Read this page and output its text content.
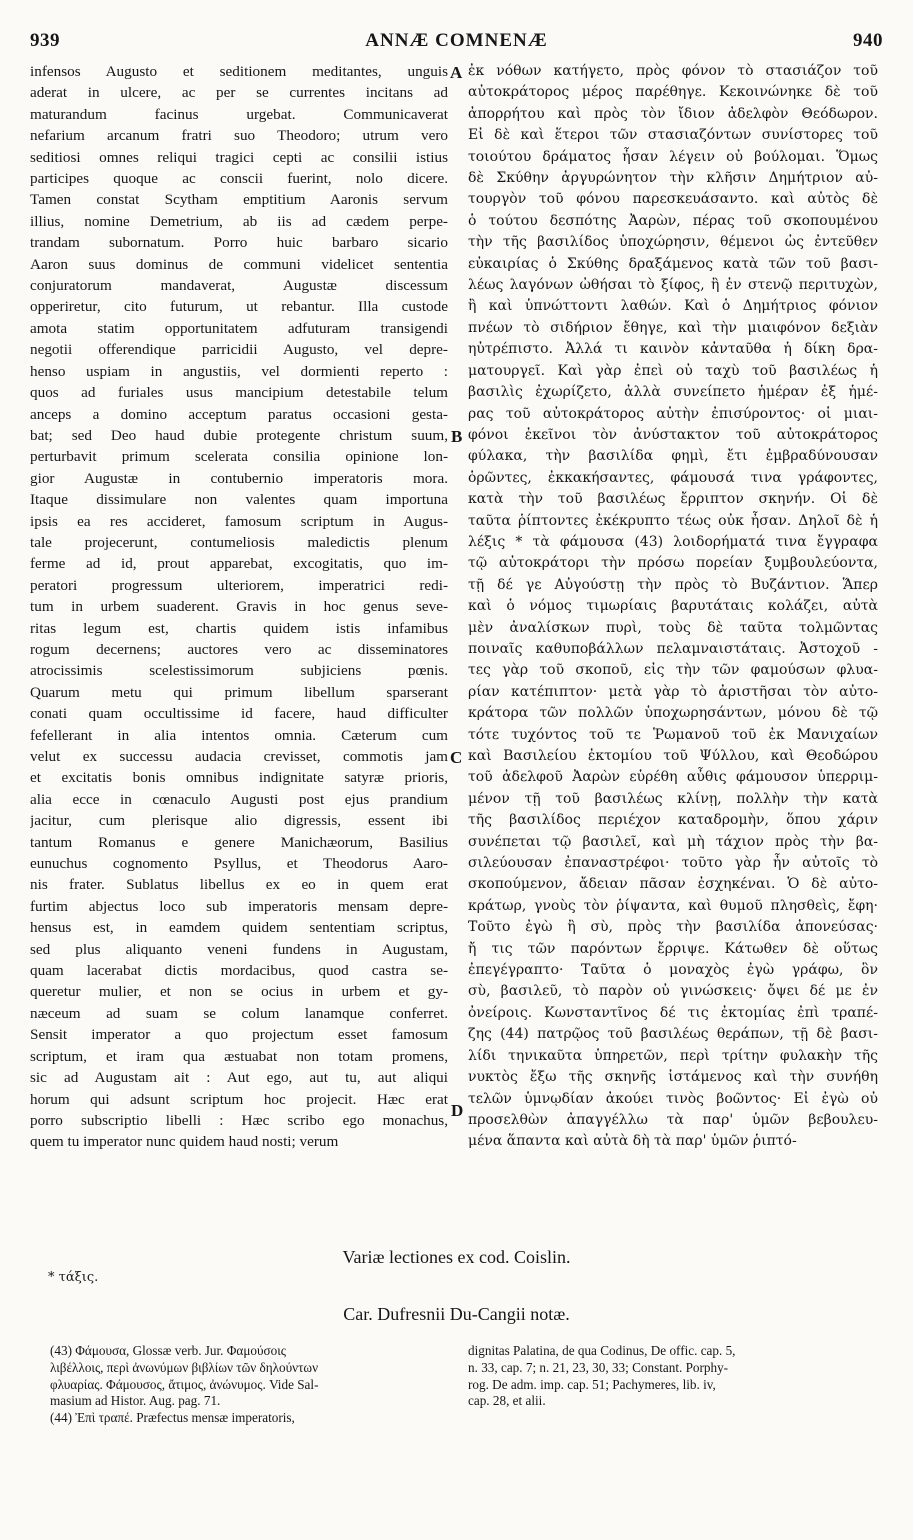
939	ANNÆ COMNENÆ	940
infensos Augusto et seditionem meditantes, unguis
aderat in ulcere, ac per se currentes incitans ad
maturandum facinus urgebat. Communicaverat
nefarium arcanum fratri suo Theodoro; utrum vero
seditiosi omnes reliqui tragici cepti ac consilii istius
participes quoque ac conscii fuerint, nolo dicere.
Tamen constat Scytham emptitium Aaronis servum
illius, nomine Demetrium, ab iis ad cædem perpe-
trandam subornatum. Porro huic barbaro sicario
Aaron suus dominus de communi videlicet sententia
conjuratorum mandaverat, Augustæ discessum
opperiretur, cito futurum, ut rebantur. Illa custode
amota statim opportunitatem adfuturam transigendi
negotii offerendique parricidii Augusto, vel depre-
henso uspiam in angustiis, vel dormienti reperto :
quos ad furiales usus mancipium detestabile telum
anceps a domino acceptum paratus occasioni gesta-
bat; sed Deo haud dubie protegente christum suum,
perturbavit primum scelerata consilia opinione lon-
gior Augustæ in contubernio imperatoris mora.
Itaque dissimulare non valentes quam importuna
ipsis ea res accideret, famosum scriptum in Augus-
tale projecerunt, contumeliosis maledictis plenum
ferme ad id, prout apparebat, excogitatis, quo im-
peratori progressum ulteriorem, imperatrici redi-
tum in urbem suaderent. Gravis in hoc genus seve-
ritas legum est, chartis quidem istis infamibus
rogum decernens; auctores vero ac disseminatores
atrocissimis scelestissimorum subjiciens pœnis.
Quarum metu qui primum libellum sparserant
conati quam occultissime id facere, haud difficulter
fefellerant in alia intentos omnia. Cæterum cum
velut ex successu audacia crevisset, commotis jam
et excitatis bonis omnibus indignitate satyræ prioris,
alia ecce in cœnaculo Augusti post ejus prandium
jacitur, cum plerisque alio digressis, essent ibi
tantum Romanus e genere Manichæorum, Basilius
eunuchus cognomento Psyllus, et Theodorus Aaro-
nis frater. Sublatus libellus ex eo in quem erat
furtim abjectus loco sub imperatoris mensam depre-
hensus est, in eamdem quidem sententiam scriptus,
sed plus aliquanto veneni fundens in Augustam,
quam lacerabat dictis mordacibus, quod castra se-
queretur mulier, et non se ocius in urbem et gy-
næceum ad suam se colum lanamque conferret.
Sensit imperator a quo projectum esset famosum
scriptum, et iram qua æstuabat non totam promens,
sic ad Augustam ait : Aut ego, aut tu, aut aliqui
horum qui adsunt scriptum hoc projecit. Hæc erat
porro subscriptio libelli : Hæc scribo ego monachus,
quem tu imperator nunc quidem haud nosti; verum
ἐκ νόθων κατήγετο, πρὸς φόνον τὸ στασιάζον τοῦ
αὐτοκράτορος μέρος παρέθηγε. Κεκοινώνηκε δὲ τοῦ
ἀπορρήτου καὶ πρὸς τὸν ἴδιον ἀδελφὸν Θεόδωρον.
Εἰ δὲ καὶ ἕτεροι τῶν στασιαζόντων συνίστορες τοῦ
τοιούτου δράματος ἦσαν λέγειν οὐ βούλομαι. Ὅμως
δὲ Σκύθην ἀργυρώνητον τὴν κλῆσιν Δημήτριον αὐ-
τουργὸν τοῦ φόνου παρεσκευάσαντο. καὶ αὐτὸς δὲ
ὁ τούτου δεσπότης Ἀαρὼν, πέρας τοῦ σκοπουμένου
τὴν τῆς βασιλίδος ὑποχώρησιν, θέμενοι ὡς ἐντεῦθεν
εὐκαιρίας ὁ Σκύθης δραξάμενος κατὰ τῶν τοῦ βασι-
λέως λαγόνων ὠθήσαι τὸ ξίφος, ἢ ἐν στενῷ περιτυχὼν,
ἢ καὶ ὑπνώττοντι λαθών. Καὶ ὁ Δημήτριος φόνιον
πνέων τὸ σιδήριον ἔθηγε, καὶ τὴν μιαιφόνον δεξιὰν
ηὐτρέπιστο. Ἀλλά τι καινὸν κἀνταῦθα ἡ δίκη δρα-
ματουργεῖ. Καὶ γὰρ ἐπεὶ οὐ ταχὺ τοῦ βασιλέως ἡ
βασιλὶς ἐχωρίζετο, ἀλλὰ συνείπετο ἡμέραν ἐξ ἡμέ-
ρας τοῦ αὐτοκράτορος αὐτὴν ἐπισύροντος· οἱ μιαι-
φόνοι ἐκεῖνοι τὸν ἀνύστακτον τοῦ αὐτοκράτορος
φύλακα, τὴν βασιλίδα φημὶ, ἔτι ἐμβραδύνουσαν
ὁρῶντες, ἐκκακήσαντες, φάμουσά τινα γράφοντες,
κατὰ τὴν τοῦ βασιλέως ἔρριπτον σκηνήν. Οἱ δὲ
ταῦτα ῥίπτοντες ἐκέκρυπτο τέως οὐκ ἦσαν. Δηλοῖ δὲ ἡ
λέξις * τὰ φάμουσα (43) λοιδορήματά τινα ἔγγραφα
τῷ αὐτοκράτορι τὴν πρόσω πορείαν ξυμβουλεύοντα,
τῇ δέ γε Αὐγούστῃ τὴν πρὸς τὸ Βυζάντιον. Ἅπερ
καὶ ὁ νόμος τιμωρίαις βαρυτάταις κολάζει, αὐτὰ
μὲν ἀναλίσκων πυρὶ, τοὺς δὲ ταῦτα τολμῶντας
ποιναῖς καθυποβάλλων πελαμναιστάταις. Ἀστοχοῦ -
τες γὰρ τοῦ σκοποῦ, εἰς τὴν τῶν φαμούσων φλυα-
ρίαν κατέπιπτον· μετὰ γὰρ τὸ ἀριστῆσαι τὸν αὐτο-
κράτορα τῶν πολλῶν ὑποχωρησάντων, μόνου δὲ τῷ
τότε τυχόντος τοῦ τε Ῥωμανοῦ τοῦ ἐκ Μανιχαίων
καὶ Βασιλείου ἐκτομίου τοῦ Ψύλλου, καὶ Θεοδώρου
τοῦ ἀδελφοῦ Ἀαρὼν εὑρέθη αὖθις φάμουσον ὑπερριμ-
μένον τῇ τοῦ βασιλέως κλίνῃ, πολλὴν τὴν κατὰ
τῆς βασιλίδος περιέχον καταδρομὴν, ὅπου χάριν
συνέπεται τῷ βασιλεῖ, καὶ μὴ τάχιον πρὸς τὴν βα-
σιλεύουσαν ἐπαναστρέφοι· τοῦτο γὰρ ἦν αὐτοῖς τὸ
σκοπούμενον, ἄδειαν πᾶσαν ἐσχηκέναι. Ὁ δὲ αὐτο-
κράτωρ, γνοὺς τὸν ῥίψαντα, καὶ θυμοῦ πλησθεὶς, ἔφη·
Τοῦτο ἐγὼ ἢ σὺ, πρὸς τὴν βασιλίδα ἀπονεύσας·
ἤ τις τῶν παρόντων ἔρριψε. Κάτωθεν δὲ οὕτως
ἐπεγέγραπτο· Ταῦτα ὁ μοναχὸς ἐγὼ γράφω, ὃν
σὺ, βασιλεῦ, τὸ παρὸν οὐ γινώσκεις· ὄψει δέ με ἐν
ὀνείροις. Κωνσταντῖνος δέ τις ἐκτομίας ἐπὶ τραπέ-
ζης (44) πατρῷος τοῦ βασιλέως θεράπων, τῇ δὲ βασι-
λίδι τηνικαῦτα ὑπηρετῶν, περὶ τρίτην φυλακὴν τῆς
νυκτὸς ἔξω τῆς σκηνῆς ἱστάμενος καὶ τὴν συνήθη
τελῶν ὑμνῳδίαν ἀκούει τινὸς βοῶντος· Εἰ ἐγὼ οὐ
προσελθὼν ἀπαγγέλλω τὰ παρ' ὑμῶν βεβουλευ-
μένα ἅπαντα καὶ αὐτὰ δὴ τὰ παρ' ὑμῶν ῥιπτό-
A
B
C
D
Variæ lectiones ex cod. Coislin.
* τάξις.
Car. Dufresnii Du-Cangii notæ.
(43) Φάμουσα, Glossæ verb. Jur. Φαμούσοις
λιβέλλοις, περὶ ἀνωνύμων βιβλίων τῶν δηλούντων
φλυαρίας. Φάμουσος, ἄτιμος, ἀνώνυμος. Vide Sal-
masium ad Histor. Aug. pag. 71.
(44) Ἐπὶ τραπέ. Præfectus mensæ imperatoris,
dignitas Palatina, de qua Codinus, De offic. cap. 5,
n. 33, cap. 7; n. 21, 23, 30, 33; Constant. Porphy-
rog. De adm. imp. cap. 51; Pachymeres, lib. iv,
cap. 28, et alii.
